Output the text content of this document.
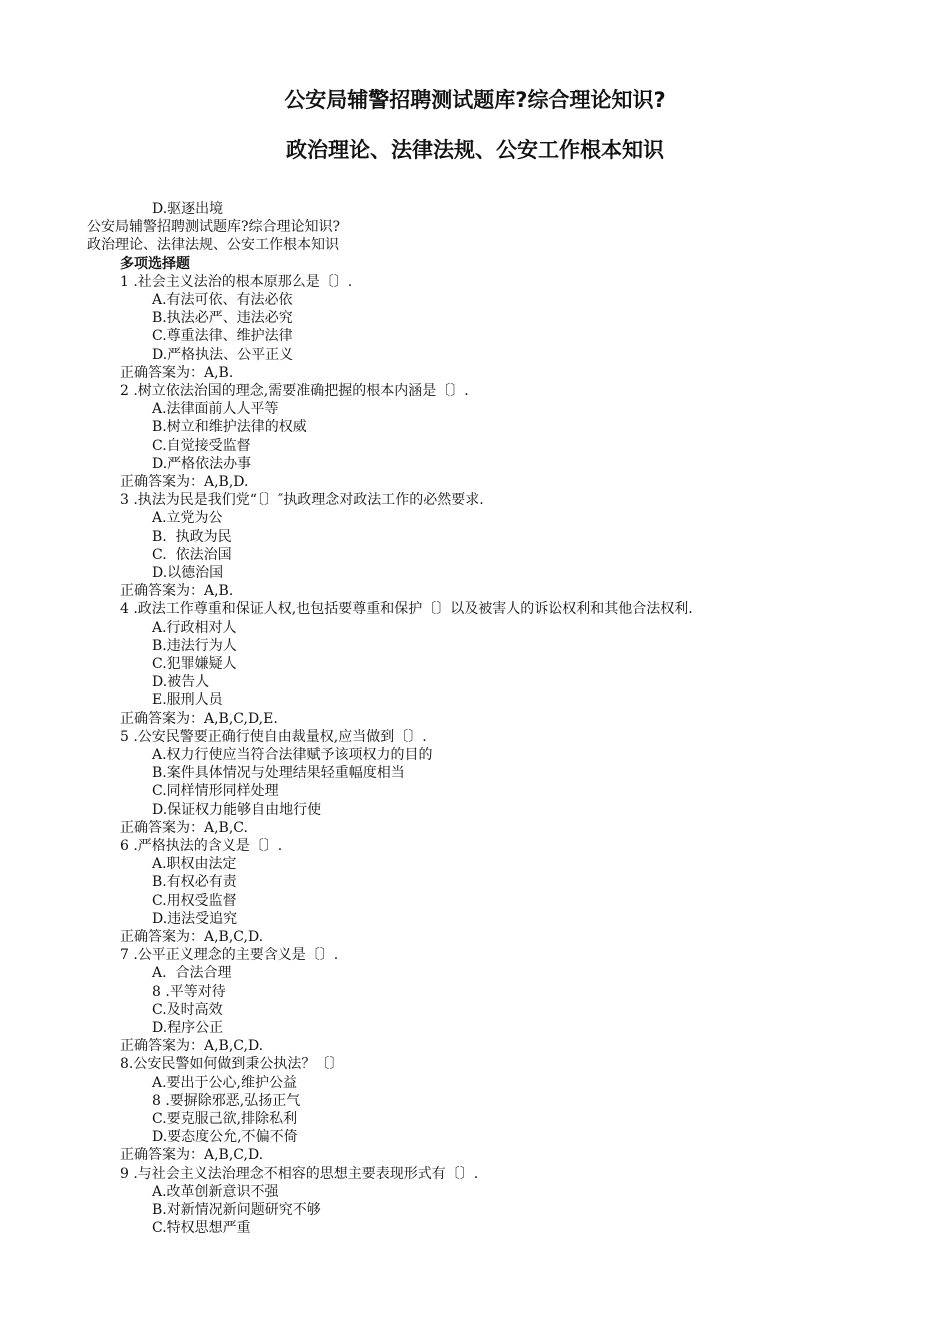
公安局辅警招聘测试题库?综合理论知识?
政治理论、法律法规、公安工作根本知识
D.驱逐出境
公安局辅警招聘测试题库?综合理论知识?
政治理论、法律法规、公安工作根本知识
多项选择题
1 .社会主义法治的根本原那么是〔〕.
A.有法可依、有法必依
B.执法必严、违法必究
C.尊重法律、维护法律
D.严格执法、公平正义
正确答案为：A,B.
2 .树立依法治国的理念,需要准确把握的根本内涵是〔〕.
A.法律面前人人平等
B.树立和维护法律的权威
C.自觉接受监督
D.严格依法办事
正确答案为：A,B,D.
3 .执法为民是我们党“〔〕″执政理念对政法工作的必然要求.
A.立党为公
B.  执政为民
C.  依法治国
D.以德治国
正确答案为：A,B.
4 .政法工作尊重和保证人权,也包括要尊重和保护〔〕以及被害人的诉讼权利和其他合法权利.
A.行政相对人
B.违法行为人
C.犯罪嫌疑人
D.被告人
E.服刑人员
正确答案为：A,B,C,D,E.
5 .公安民警要正确行使自由裁量权,应当做到〔〕.
A.权力行使应当符合法律赋予该项权力的目的
B.案件具体情况与处理结果轻重幅度相当
C.同样情形同样处理
D.保证权力能够自由地行使
正确答案为：A,B,C.
6 .严格执法的含义是〔〕.
A.职权由法定
B.有权必有责
C.用权受监督
D.违法受追究
正确答案为：A,B,C,D.
7 .公平正义理念的主要含义是〔〕.
A.  合法合理
8 .平等对待
C.及时高效
D.程序公正
正确答案为：A,B,C,D.
8.公安民警如何做到秉公执法？〔〕
A.要出于公心,维护公益
8 .要摒除邪恶,弘扬正气
C.要克服己欲,排除私利
D.要态度公允,不偏不倚
正确答案为：A,B,C,D.
9 .与社会主义法治理念不相容的思想主要表现形式有〔〕.
A.改革创新意识不强
B.对新情况新问题研究不够
C.特权思想严重
